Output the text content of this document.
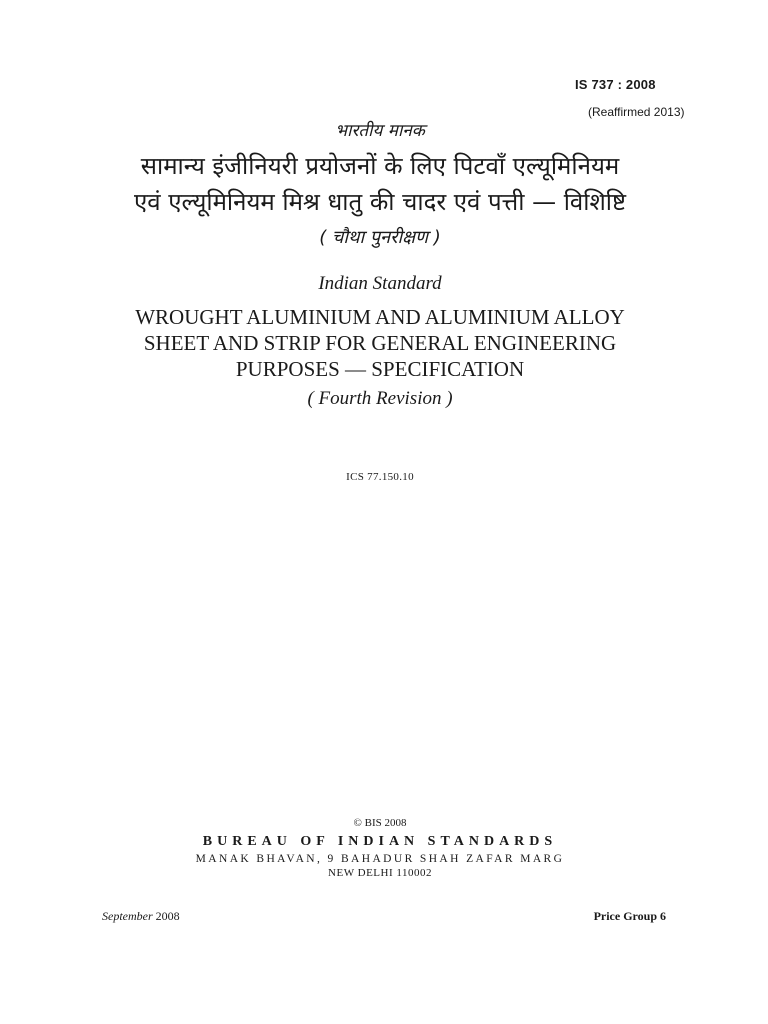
IS 737 : 2008
(Reaffirmed 2013)
भारतीय मानक
सामान्य इंजीनियरी प्रयोजनों के लिए पिटवाँ एल्यूमिनियम
एवं एल्यूमिनियम मिश्र धातु की चादर एवं पत्ती — विशिष्टि
( चौथा पुनरीक्षण )
Indian Standard
WROUGHT ALUMINIUM AND ALUMINIUM ALLOY
SHEET AND STRIP FOR GENERAL ENGINEERING
PURPOSES — SPECIFICATION
( Fourth Revision )
ICS 77.150.10
© BIS 2008
BUREAU OF INDIAN STANDARDS
MANAK BHAVAN, 9 BAHADUR SHAH ZAFAR MARG
NEW DELHI 110002
September 2008	Price Group 6
